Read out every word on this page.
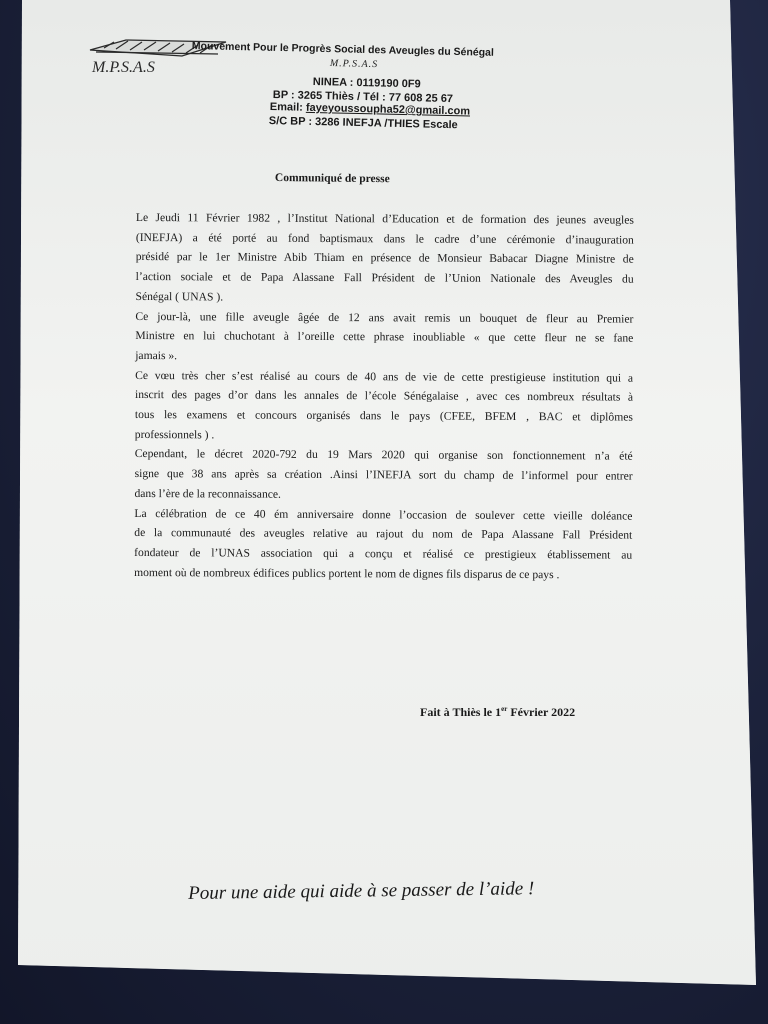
M.P.S.A.S
Mouvement Pour le Progrès Social des Aveugles du Sénégal
M.P.S.A.S
NINEA : 0119190 0F9
BP : 3265 Thiès / Tél : 77 608 25 67
Email: fayeyoussoupha52@gmail.com
S/C BP : 3286 INEFJA /THIES Escale
Communiqué de presse
Le Jeudi 11 Février 1982 , l’Institut National d’Education et de formation des jeunes aveugles
(INEFJA) a été porté au fond baptismaux dans le cadre d’une cérémonie d’inauguration
présidé par le 1er Ministre Abib Thiam en présence de Monsieur Babacar Diagne Ministre de
l’action sociale et de Papa Alassane Fall Président de l’Union Nationale des Aveugles du
Sénégal ( UNAS ).
Ce jour-là, une fille aveugle âgée de 12 ans avait remis un bouquet de fleur au Premier
Ministre en lui chuchotant à l’oreille cette phrase inoubliable « que cette fleur ne se fane
jamais ».
Ce vœu très cher s’est réalisé au cours de 40 ans de vie de cette prestigieuse institution qui a
inscrit des pages d’or dans les annales de l’école Sénégalaise , avec ces nombreux résultats à
tous les examens et concours organisés dans le pays (CFEE, BFEM , BAC et diplômes
professionnels ) .
Cependant, le décret 2020-792 du 19 Mars 2020 qui organise son fonctionnement n’a été
signe que 38 ans après sa création .Ainsi l’INEFJA sort du champ de l’informel pour entrer
dans l’ère de la reconnaissance.
La célébration de ce 40 ém anniversaire donne l’occasion de soulever cette vieille doléance
de la communauté des aveugles relative au rajout du nom de Papa Alassane Fall Président
fondateur de l’UNAS association qui a conçu et réalisé ce prestigieux établissement au
moment où de nombreux édifices publics portent le nom de dignes fils disparus de ce pays .
Fait à Thiès le 1er Février 2022
Pour une aide qui aide à se passer de l’aide !
